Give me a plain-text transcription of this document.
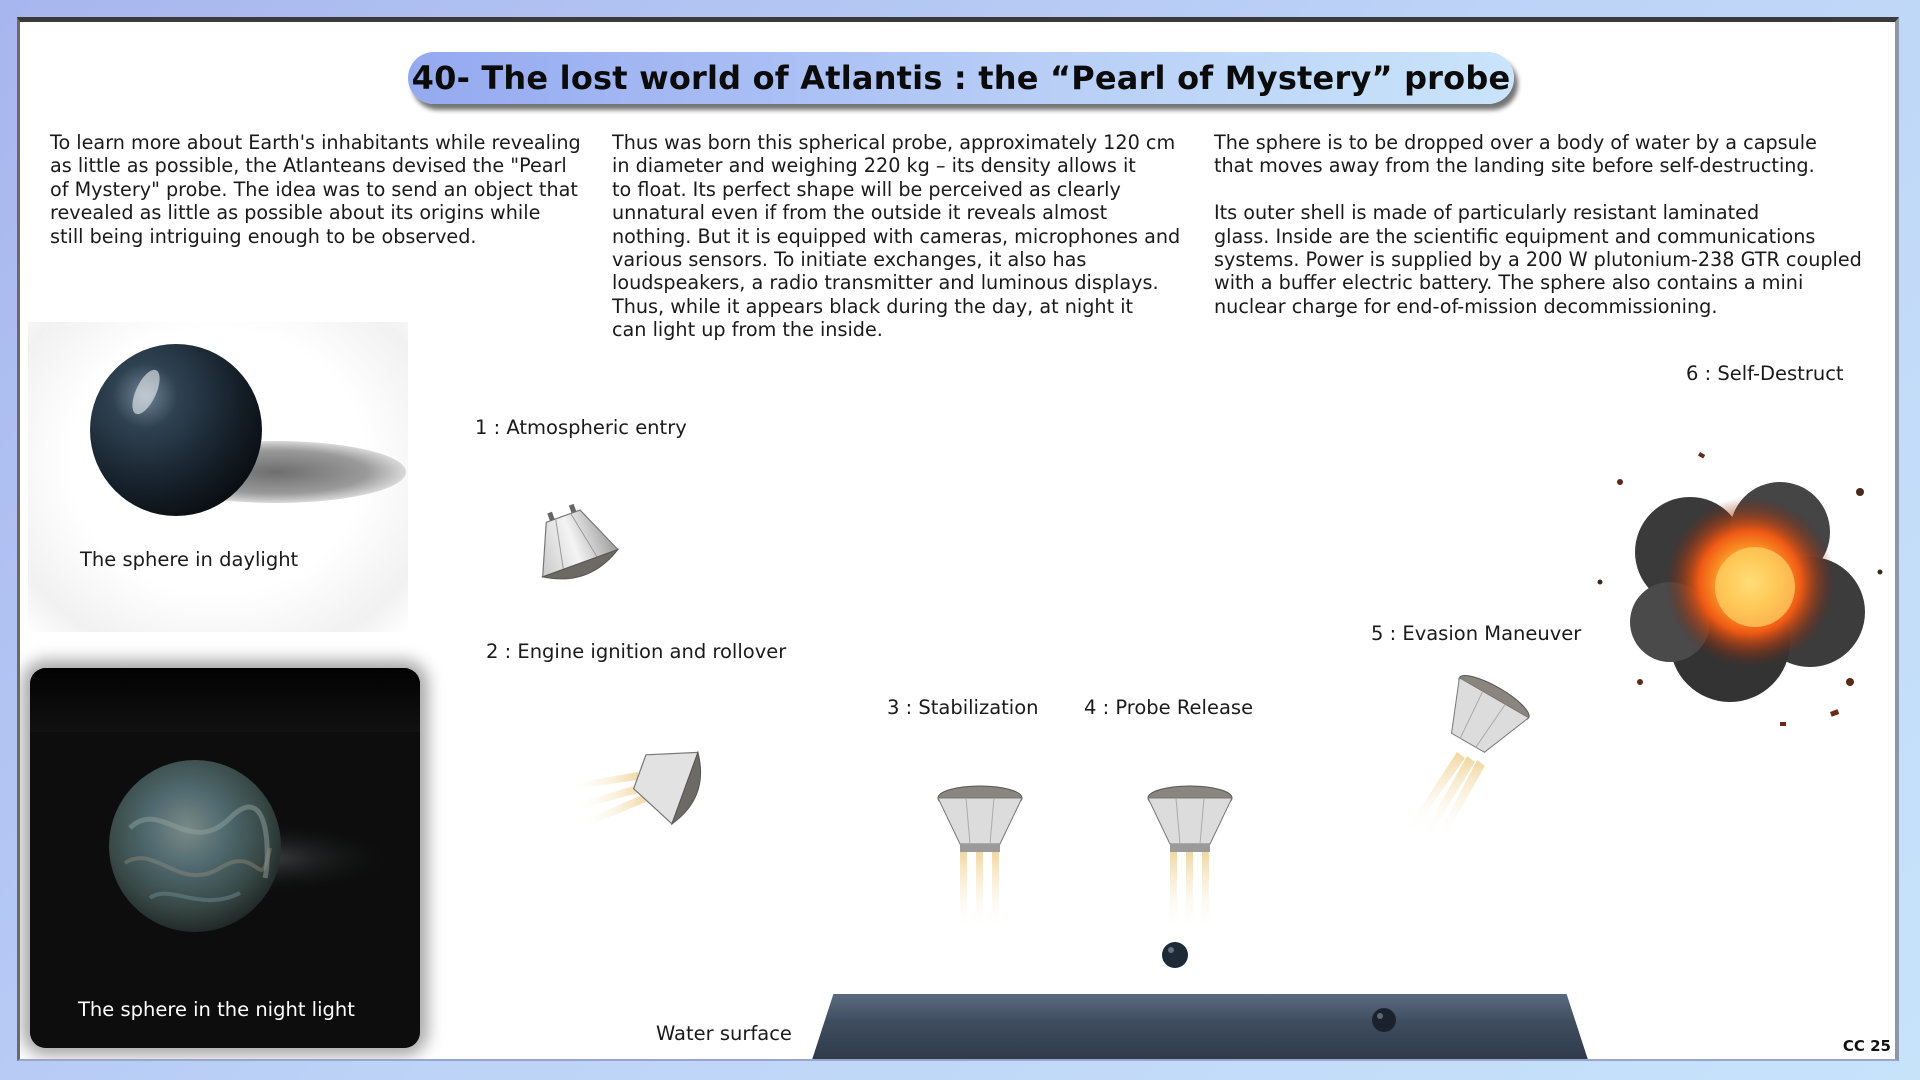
40- The lost world of Atlantis : the “Pearl of Mystery” probe

To learn more about Earth's inhabitants while revealing
as little as possible, the Atlanteans devised the "Pearl
of Mystery" probe. The idea was to send an object that
revealed as little as possible about its origins while
still being intriguing enough to be observed.

Thus was born this spherical probe, approximately 120 cm
in diameter and weighing 220 kg – its density allows it
to float. Its perfect shape will be perceived as clearly
unnatural even if from the outside it reveals almost
nothing. But it is equipped with cameras, microphones and
various sensors. To initiate exchanges, it also has
loudspeakers, a radio transmitter and luminous displays.
Thus, while it appears black during the day, at night it
can light up from the inside.

The sphere is to be dropped over a body of water by a capsule
that moves away from the landing site before self-destructing.

Its outer shell is made of particularly resistant laminated
glass. Inside are the scientific equipment and communications
systems. Power is supplied by a 200 W plutonium-238 GTR coupled
with a buffer electric battery. The sphere also contains a mini
nuclear charge for end-of-mission decommissioning.

The sphere in daylight
The sphere in the night light
1 : Atmospheric entry
2 : Engine ignition and rollover
3 : Stabilization 4 : Probe Release
5 : Evasion Maneuver
6 : Self-Destruct
Water surface
CC 25
